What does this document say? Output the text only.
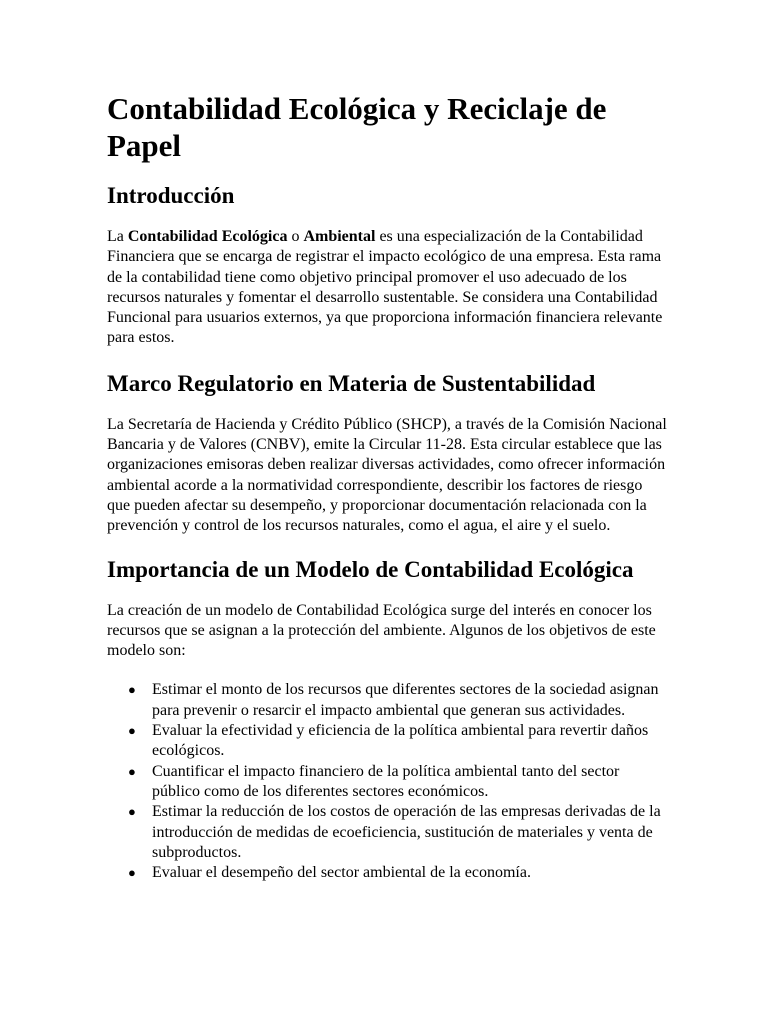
Contabilidad Ecológica y Reciclaje de Papel
Introducción

La Contabilidad Ecológica o Ambiental es una especialización de la Contabilidad Financiera que se encarga de registrar el impacto ecológico de una empresa. Esta rama de la contabilidad tiene como objetivo principal promover el uso adecuado de los recursos naturales y fomentar el desarrollo sustentable. Se considera una Contabilidad Funcional para usuarios externos, ya que proporciona información financiera relevante para estos.

Marco Regulatorio en Materia de Sustentabilidad

La Secretaría de Hacienda y Crédito Público (SHCP), a través de la Comisión Nacional Bancaria y de Valores (CNBV), emite la Circular 11-28. Esta circular establece que las organizaciones emisoras deben realizar diversas actividades, como ofrecer información ambiental acorde a la normatividad correspondiente, describir los factores de riesgo que pueden afectar su desempeño, y proporcionar documentación relacionada con la prevención y control de los recursos naturales, como el agua, el aire y el suelo.

Importancia de un Modelo de Contabilidad Ecológica

La creación de un modelo de Contabilidad Ecológica surge del interés en conocer los recursos que se asignan a la protección del ambiente. Algunos de los objetivos de este modelo son:

● Estimar el monto de los recursos que diferentes sectores de la sociedad asignan para prevenir o resarcir el impacto ambiental que generan sus actividades.
● Evaluar la efectividad y eficiencia de la política ambiental para revertir daños ecológicos.
● Cuantificar el impacto financiero de la política ambiental tanto del sector público como de los diferentes sectores económicos.
● Estimar la reducción de los costos de operación de las empresas derivadas de la introducción de medidas de ecoeficiencia, sustitución de materiales y venta de subproductos.
● Evaluar el desempeño del sector ambiental de la economía.
